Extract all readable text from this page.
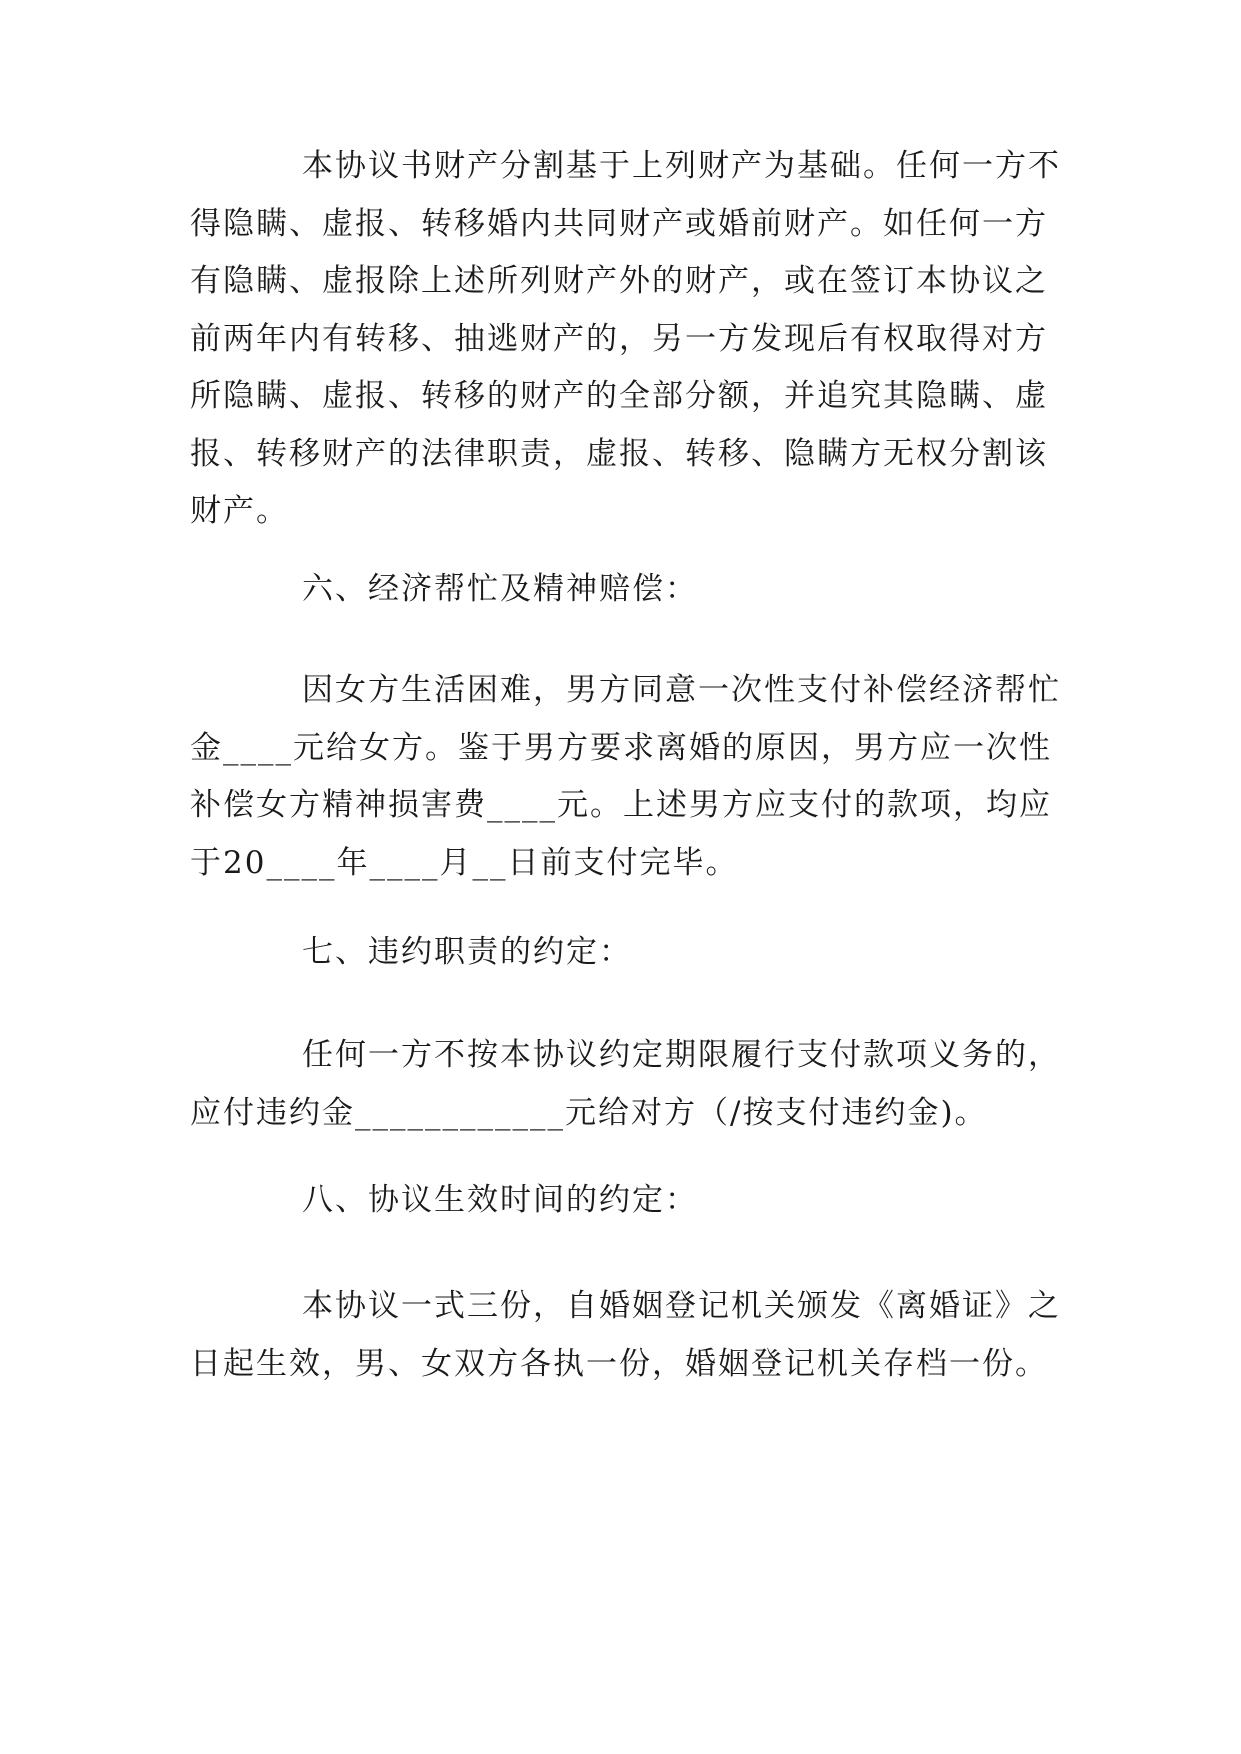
本协议书财产分割基于上列财产为基础。任何一方不
得隐瞒、虚报、转移婚内共同财产或婚前财产。如任何一方
有隐瞒、虚报除上述所列财产外的财产，或在签订本协议之
前两年内有转移、抽逃财产的，另一方发现后有权取得对方
所隐瞒、虚报、转移的财产的全部分额，并追究其隐瞒、虚
报、转移财产的法律职责，虚报、转移、隐瞒方无权分割该
财产。
六、经济帮忙及精神赔偿：
因女方生活困难，男方同意一次性支付补偿经济帮忙
金____元给女方。鉴于男方要求离婚的原因，男方应一次性
补偿女方精神损害费____元。上述男方应支付的款项，均应
于20____年____月__日前支付完毕。
七、违约职责的约定：
任何一方不按本协议约定期限履行支付款项义务的，
应付违约金____________元给对方（/按支付违约金)。
八、协议生效时间的约定：
本协议一式三份，自婚姻登记机关颁发《离婚证》之
日起生效，男、女双方各执一份，婚姻登记机关存档一份。
